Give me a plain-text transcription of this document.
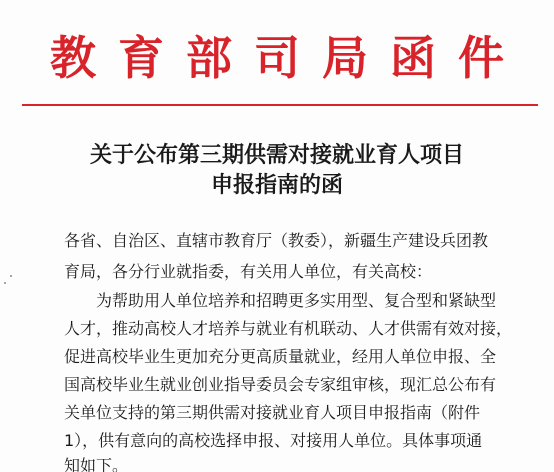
教育部司局函件
关于公布第三期供需对接就业育人项目
申报指南的函
各省、自治区、直辖市教育厅（教委），新疆生产建设兵团教
育局，各分行业就指委，有关用人单位，有关高校：
为帮助用人单位培养和招聘更多实用型、复合型和紧缺型
人才，推动高校人才培养与就业有机联动、人才供需有效对接，
促进高校毕业生更加充分更高质量就业，经用人单位申报、全
国高校毕业生就业创业指导委员会专家组审核，现汇总公布有
关单位支持的第三期供需对接就业育人项目申报指南（附件
1），供有意向的高校选择申报、对接用人单位。具体事项通
知如下。
